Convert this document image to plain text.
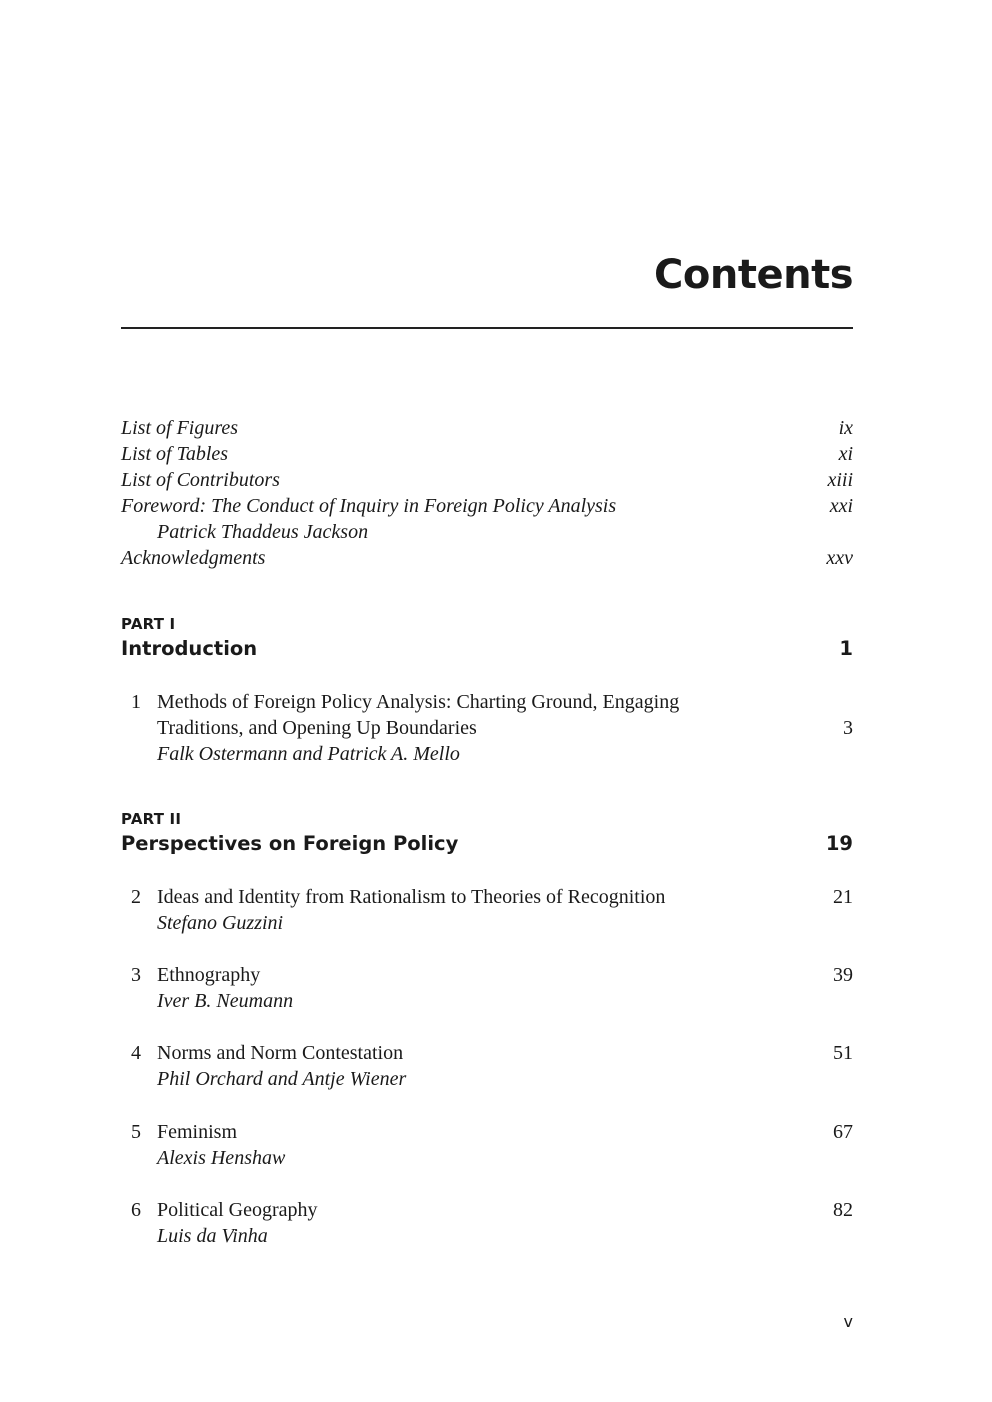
Contents
List of Figures	ix
List of Tables	xi
List of Contributors	xiii
Foreword: The Conduct of Inquiry in Foreign Policy Analysis	xxi
Patrick Thaddeus Jackson
Acknowledgments	xxv
PART I
Introduction	1
1 Methods of Foreign Policy Analysis: Charting Ground, Engaging
Traditions, and Opening Up Boundaries	3
Falk Ostermann and Patrick A. Mello
PART II
Perspectives on Foreign Policy	19
2 Ideas and Identity from Rationalism to Theories of Recognition	21
Stefano Guzzini
3 Ethnography	39
Iver B. Neumann
4 Norms and Norm Contestation	51
Phil Orchard and Antje Wiener
5 Feminism	67
Alexis Henshaw
6 Political Geography	82
Luis da Vinha
v
